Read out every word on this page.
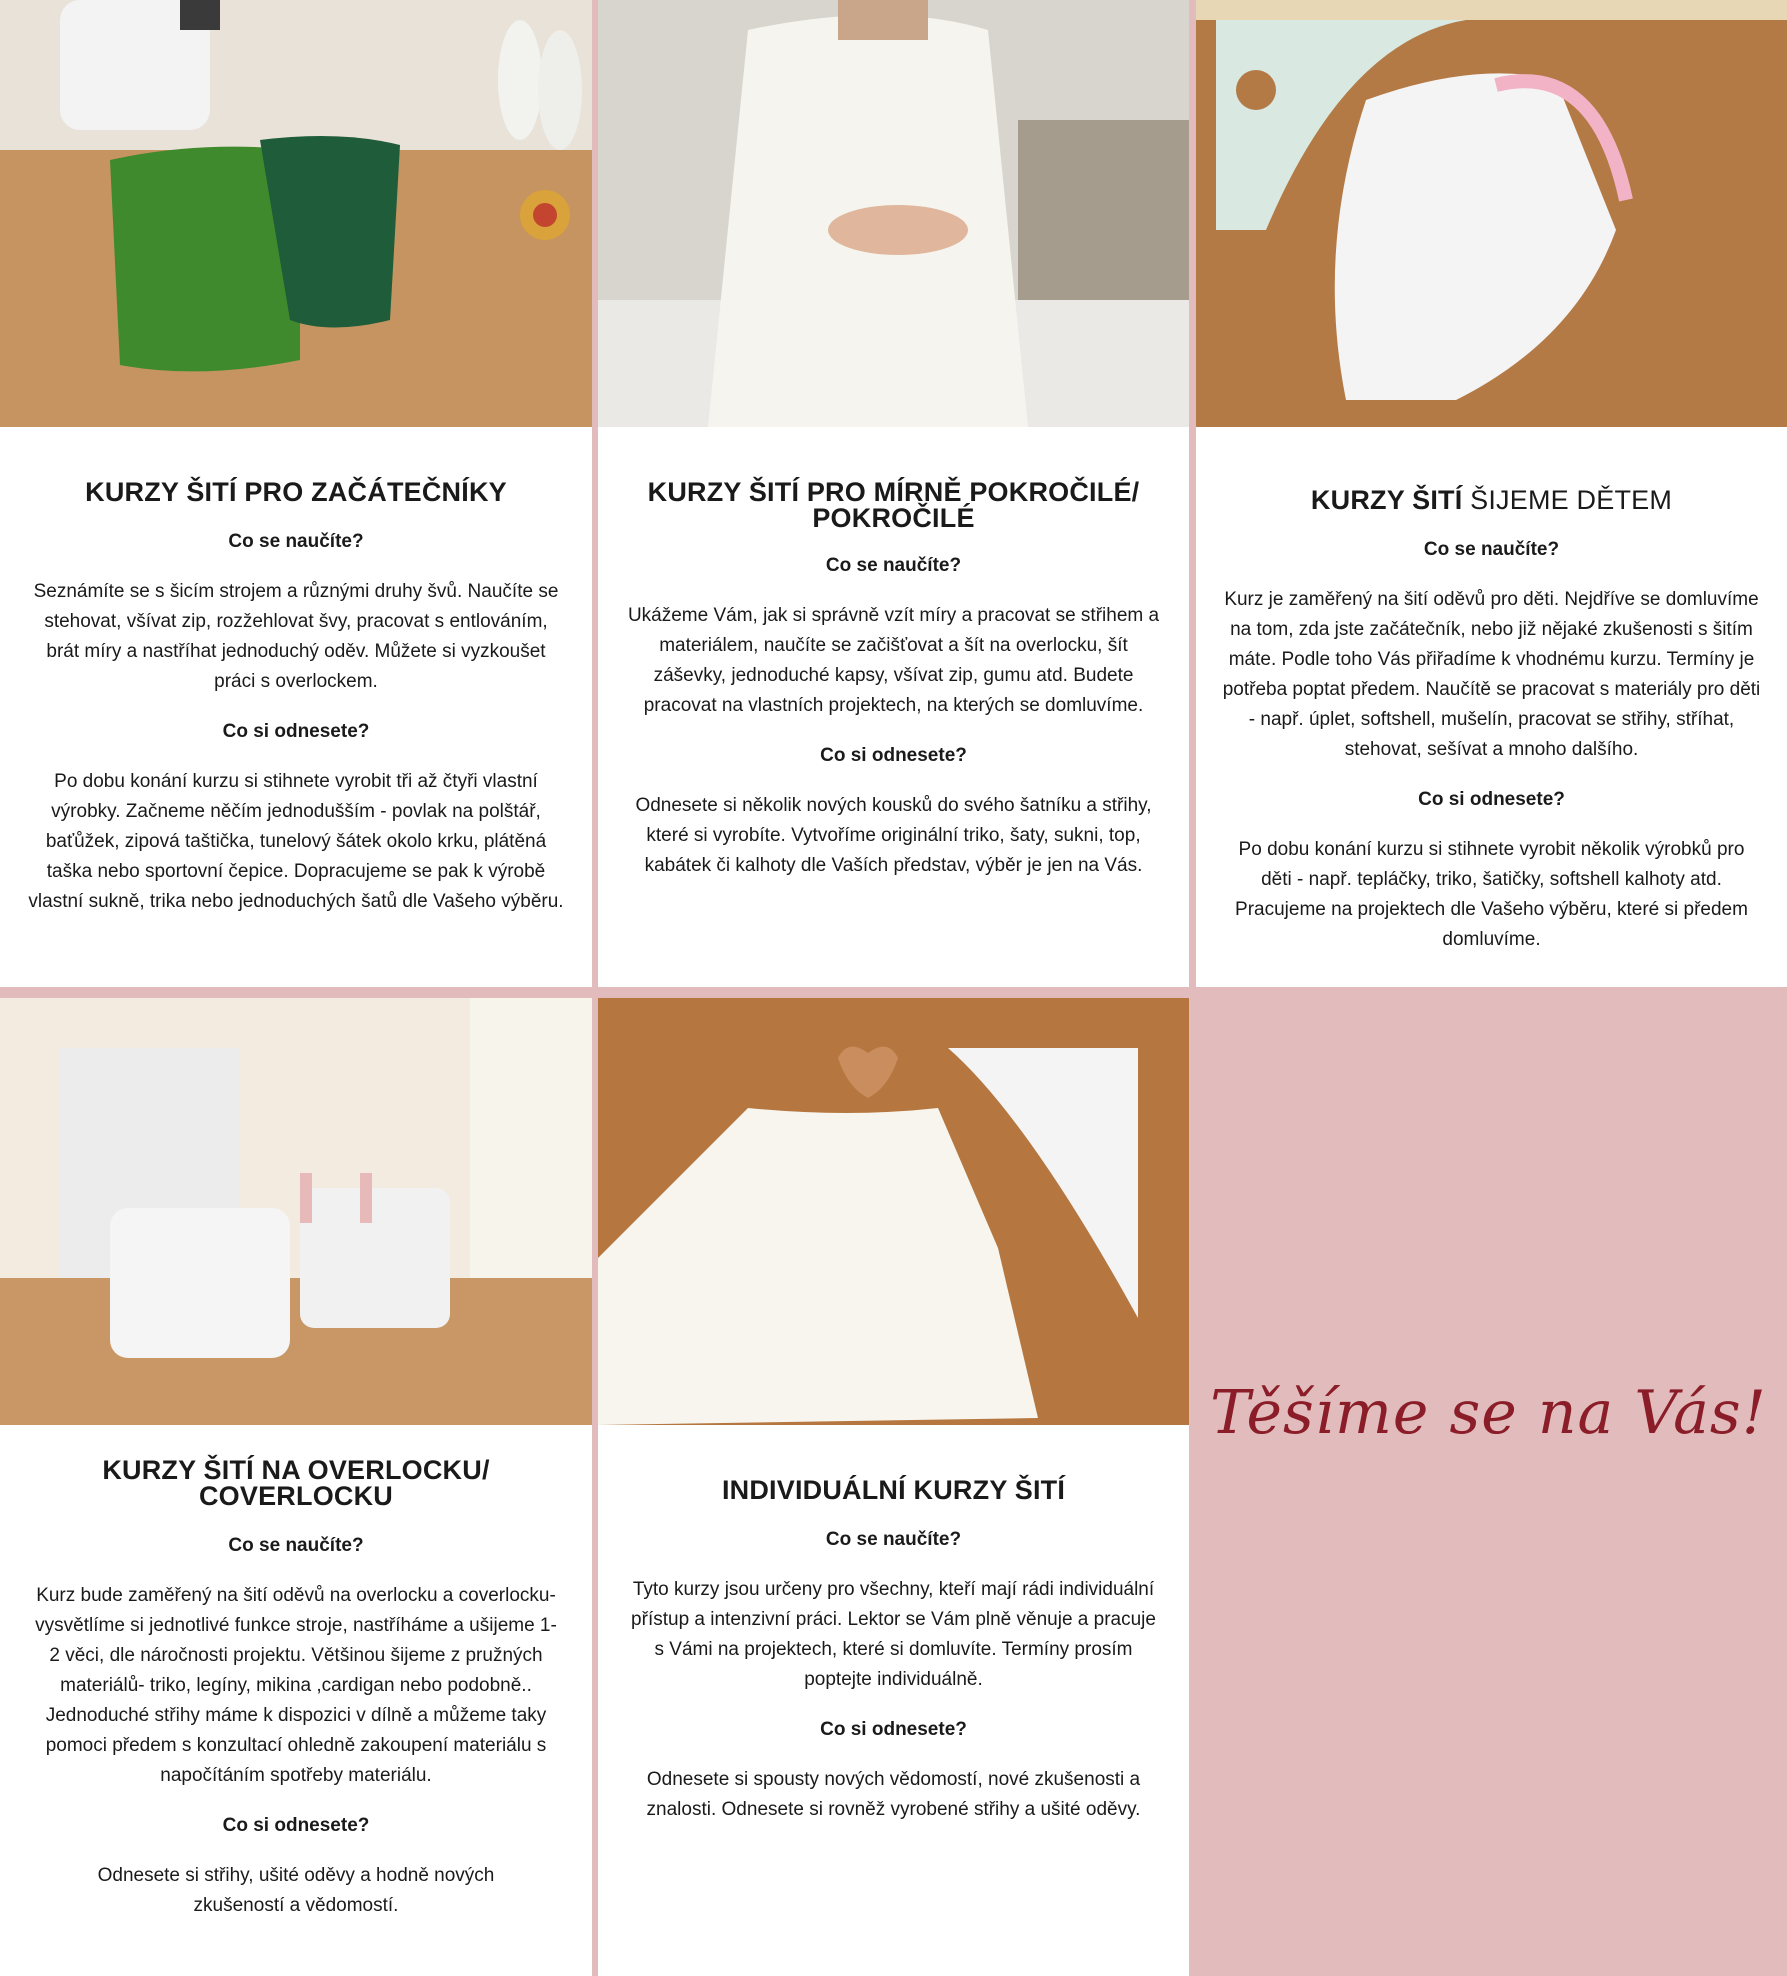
KURZY ŠITÍ PRO ZAČÁTEČNÍKY
Co se naučíte?
Seznámíte se s šicím strojem a různými druhy švů. Naučíte se stehovat, všívat zip, rozžehlovat švy, pracovat s entlováním, brát míry a nastříhat jednoduchý oděv. Můžete si vyzkoušet práci s overlockem.
Co si odnesete?
Po dobu konání kurzu si stihnete vyrobit tři až čtyři vlastní výrobky. Začneme něčím jednodušším - povlak na polštář, baťůžek, zipová taštička, tunelový šátek okolo krku, plátěná taška nebo sportovní čepice. Dopracujeme se pak k výrobě vlastní sukně, trika nebo jednoduchých šatů dle Vašeho výběru.
KURZY ŠITÍ PRO MÍRNĚ POKROČILÉ/ POKROČILÉ
Co se naučíte?
Ukážeme Vám, jak si správně vzít míry a pracovat se střihem a materiálem, naučíte se začišťovat a šít na overlocku, šít záševky, jednoduché kapsy, všívat zip, gumu atd. Budete pracovat na vlastních projektech, na kterých se domluvíme.
Co si odnesete?
Odnesete si několik nových kousků do svého šatníku a střihy, které si vyrobíte. Vytvoříme originální triko, šaty, sukni, top, kabátek či kalhoty dle Vaších představ, výběr je jen na Vás.
KURZY ŠITÍ ŠIJEME DĚTEM
Co se naučíte?
Kurz je zaměřený na šití oděvů pro děti. Nejdříve se domluvíme na tom, zda jste začátečník, nebo již nějaké zkušenosti s šitím máte. Podle toho Vás přiřadíme k vhodnému kurzu. Termíny je potřeba poptat předem. Naučítě se pracovat s materiály pro děti - např. úplet, softshell, mušelín, pracovat se střihy, stříhat, stehovat, sešívat a mnoho dalšího.
Co si odnesete?
Po dobu konání kurzu si stihnete vyrobit několik výrobků pro děti - např. tepláčky, triko, šatičky, softshell kalhoty atd. Pracujeme na projektech dle Vašeho výběru, které si předem domluvíme.
KURZY ŠITÍ NA OVERLOCKU/ COVERLOCKU
Co se naučíte?
Kurz bude zaměřený na šití oděvů na overlocku a coverlocku- vysvětlíme si jednotlivé funkce stroje, nastříháme a ušijeme 1- 2 věci, dle náročnosti projektu. Většinou šijeme z pružných materiálů- triko, legíny, mikina ,cardigan nebo podobně.. Jednoduché střihy máme k dispozici v dílně a můžeme taky pomoci předem s konzultací ohledně zakoupení materiálu s napočítáním spotřeby materiálu.
Co si odnesete?
Odnesete si střihy, ušité oděvy a hodně nových zkušeností a vědomostí.
INDIVIDUÁLNÍ KURZY ŠITÍ
Co se naučíte?
Tyto kurzy jsou určeny pro všechny, kteří mají rádi individuální přístup a intenzivní práci. Lektor se Vám plně věnuje a pracuje s Vámi na projektech, které si domluvíte. Termíny prosím poptejte individuálně.
Co si odnesete?
Odnesete si spousty nových vědomostí, nové zkušenosti a znalosti. Odnesete si rovněž vyrobené střihy a ušité oděvy.
Těšíme se na Vás!
